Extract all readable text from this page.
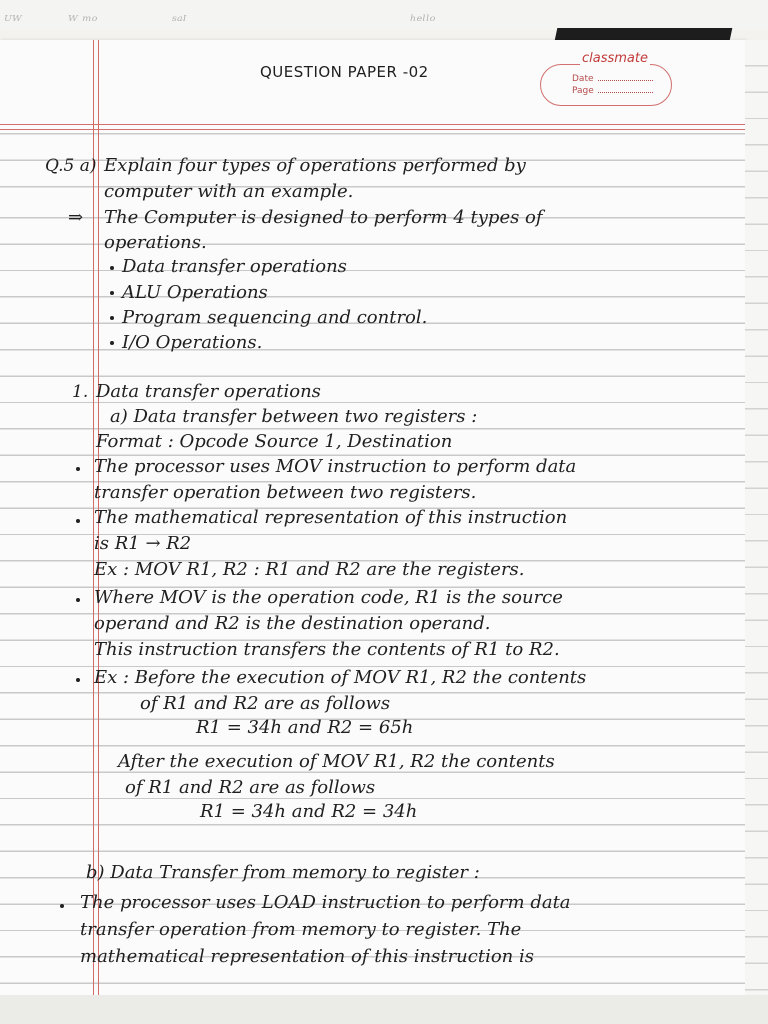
ᵁᵂ	ᵂ ᵐᵒ	ˢᵃᴵ	ʰᵉˡˡᵒ
QUESTION PAPER -02
classmate
Date
Page
Q.5 a) Explain four types of operations performed by
computer with an example.
⇒ The Computer is designed to perform 4 types of
operations.
Data transfer operations
ALU Operations
Program sequencing and control.
I/O Operations.
1. Data transfer operations
a) Data transfer between two registers :
Format : Opcode Source 1, Destination
The processor uses MOV instruction to perform data
transfer operation between two registers.
The mathematical representation of this instruction
is R1 → R2
Ex : MOV R1, R2 : R1 and R2 are the registers.
Where MOV is the operation code, R1 is the source
operand and R2 is the destination operand.
This instruction transfers the contents of R1 to R2.
Ex : Before the execution of MOV R1, R2 the contents
of R1 and R2 are as follows
R1 = 34h and R2 = 65h
After the execution of MOV R1, R2 the contents
of R1 and R2 are as follows
R1 = 34h and R2 = 34h
b) Data Transfer from memory to register :
The processor uses LOAD instruction to perform data
transfer operation from memory to register. The
mathematical representation of this instruction is
